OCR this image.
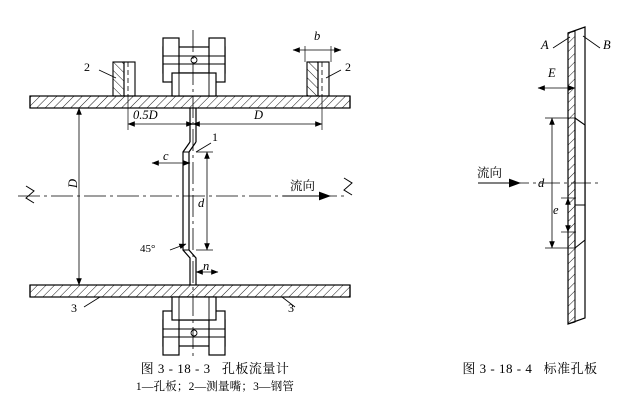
2	2
3	3
1
b
0.5D	D
D
c
d
n
45°
流向
A	B
E
d
e
流向
图 3 - 18 - 3   孔板流量计
1—孔板；2—测量嘴；3—钢管
图 3 - 18 - 4   标准孔板
